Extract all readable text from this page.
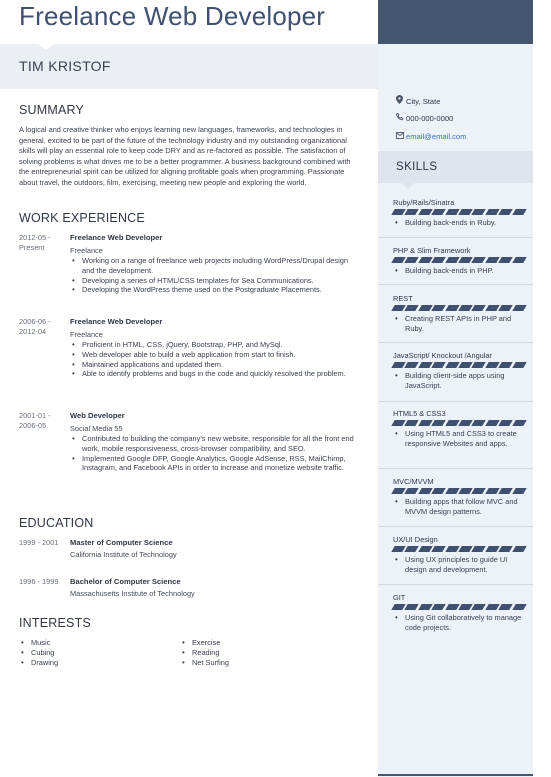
Freelance Web Developer
TIM KRISTOF
SUMMARY
A logical and creative thinker who enjoys learning new languages, frameworks, and technologies in general. excited to be part of the future of the technology industry and my outstanding organizational skills will play an essential role to keep code DRY and as re-factored as possible. The satisfaction of solving problems is what drives me to be a better programmer. A business background combined with the entrepreneurial spirit can be utilized for aligning profitable goals when programming. Passionate about travel, the outdoors, film, exercising, meeting new people and exploring the world.
WORK EXPERIENCE
2012-05 - Present
Freelance Web Developer
Freelance
• Working on a range of freelance web projects including WordPress/Drupal design and the development.
• Developing a series of HTML/CSS templates for Sea Communications.
• Developing the WordPress theme used on the Postgraduate Placements.
2006-06 - 2012-04
Freelance Web Developer
Freelance
• Proficient in HTML, CSS, jQuery, Bootstrap, PHP, and MySql.
• Web developer able to build a web application from start to finish.
• Maintained applications and updated them.
• Able to identify problems and bugs in the code and quickly resolved the problem.
2001-01 - 2006-05
Web Developer
Social Media 55
• Contributed to building the company's new website, responsible for all the front end work, mobile responsiveness, cross-browser compatibility, and SEO.
• Implemented Google DFP, Google Analytics, Google AdSense, RSS, MailChimp, Instagram, and Facebook APIs in order to increase and monetize website traffic.
EDUCATION
1999 - 2001 Master of Computer Science
California Institute of Technology
1996 - 1999 Bachelor of Computer Science
Massachusetts Institute of Technology
INTERESTS
• Music
• Cubing
• Drawing
• Exercise
• Reading
• Net Surfing
City, State
000-000-0000
email@email.com
SKILLS
Ruby/Rails/Sinatra
• Building back-ends in Ruby.
PHP & Slim Framework
• Building back-ends in PHP.
REST
• Creating REST APIs in PHP and Ruby.
JavaScript/ Knockout /Angular
• Building client-side apps using JavaScript.
HTML5 & CSS3
• Using HTML5 and CSS3 to create responsive Websites and apps.
MVC/MVVM
• Building apps that follow MVC and MVVM design patterns.
UX/UI Design
• Using UX principles to guide UI design and development.
GIT
• Using Git collaboratively to manage code projects.
